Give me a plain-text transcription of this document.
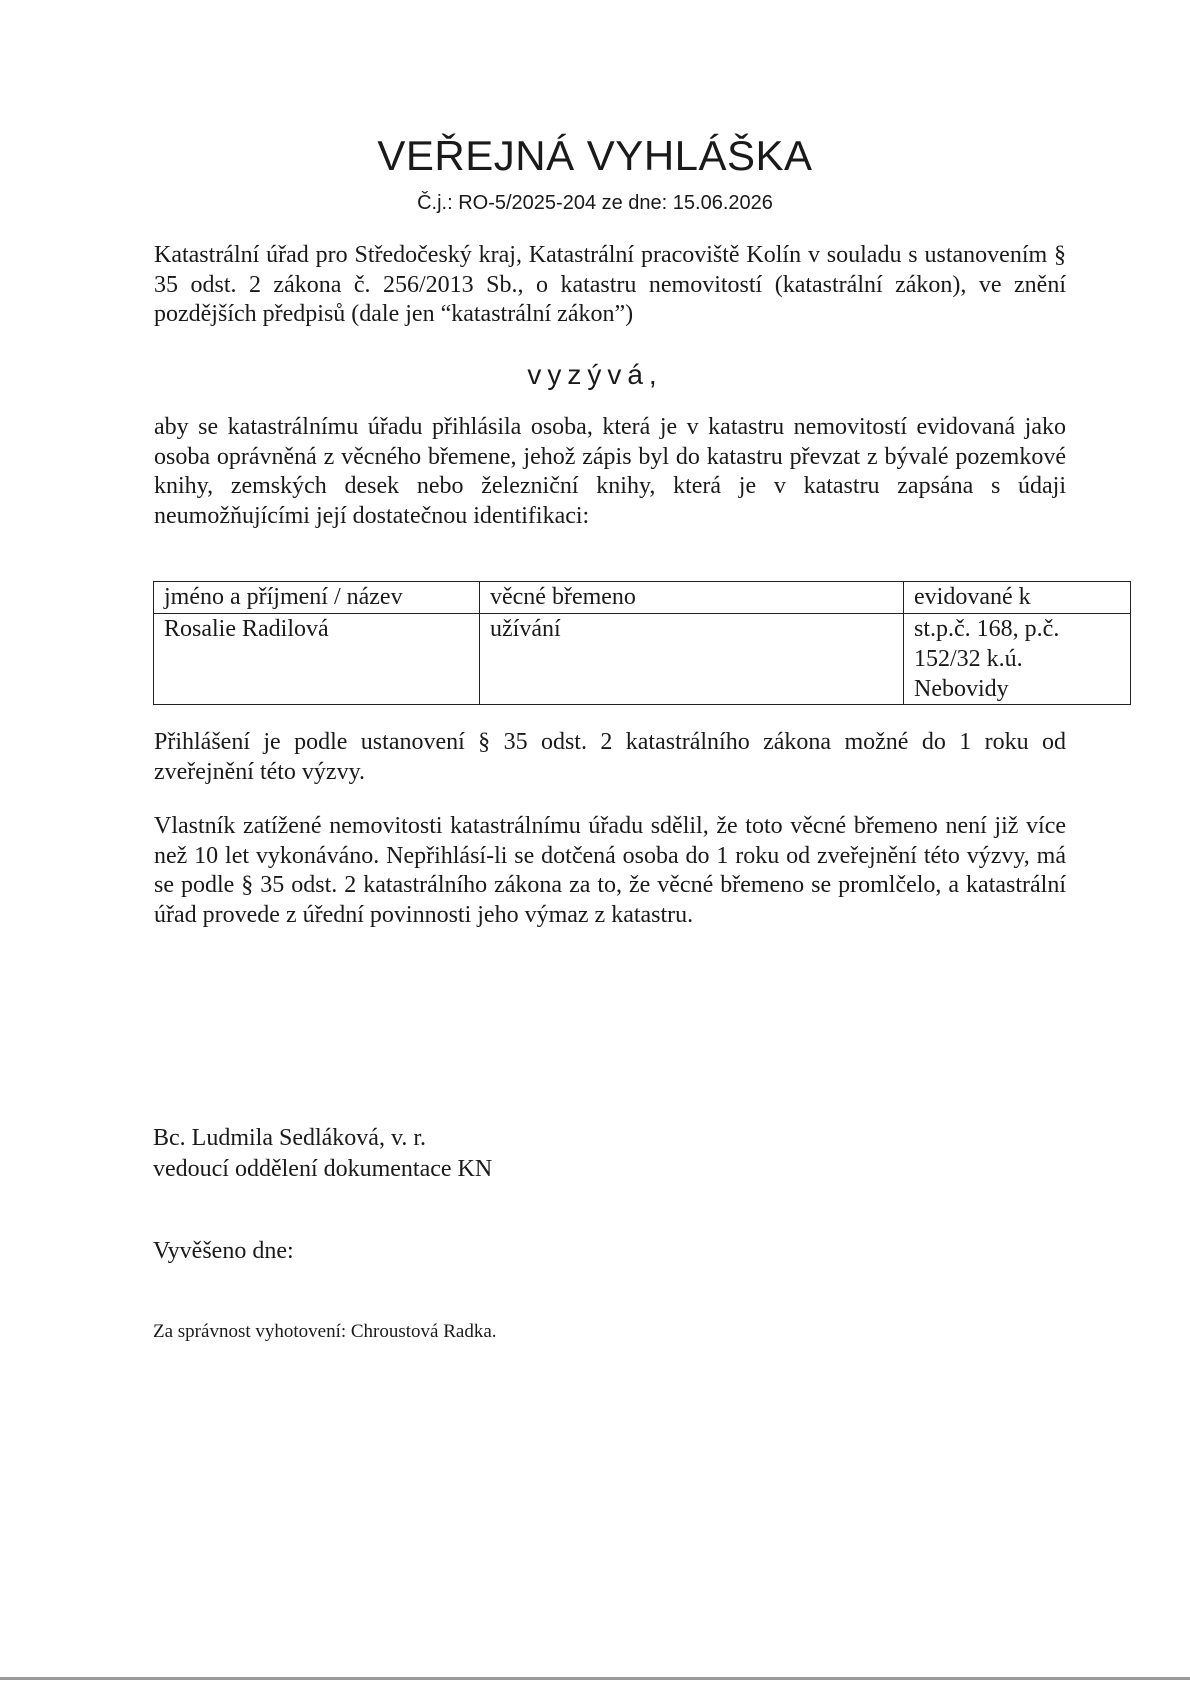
VEŘEJNÁ VYHLÁŠKA
Č.j.: RO-5/2025-204 ze dne: 15.06.2026
Katastrální úřad pro Středočeský kraj, Katastrální pracoviště Kolín v souladu s ustanovením § 35 odst. 2 zákona č. 256/2013 Sb., o katastru nemovitostí (katastrální zákon), ve znění pozdějších předpisů (dale jen “katastrální zákon”)
vyzývá,
aby se katastrálnímu úřadu přihlásila osoba, která je v katastru nemovitostí evidovaná jako osoba oprávněná z věcného břemene, jehož zápis byl do katastru převzat z bývalé pozemkové knihy, zemských desek nebo železniční knihy, která je v katastru zapsána s údaji neumožňujícími její dostatečnou identifikaci:
jméno a příjmení / název	věcné břemeno	evidované k
Rosalie Radilová	užívání	st.p.č. 168, p.č. 152/32 k.ú. Nebovidy
Přihlášení je podle ustanovení § 35 odst. 2 katastrálního zákona možné do 1 roku od zveřejnění této výzvy.
Vlastník zatížené nemovitosti katastrálnímu úřadu sdělil, že toto věcné břemeno není již více než 10 let vykonáváno. Nepřihlásí-li se dotčená osoba do 1 roku od zveřejnění této výzvy, má se podle § 35 odst. 2 katastrálního zákona za to, že věcné břemeno se promlčelo, a katastrální úřad provede z úřední povinnosti jeho výmaz z katastru.
Bc. Ludmila Sedláková, v. r.
vedoucí oddělení dokumentace KN
Vyvěšeno dne:
Za správnost vyhotovení: Chroustová Radka.
